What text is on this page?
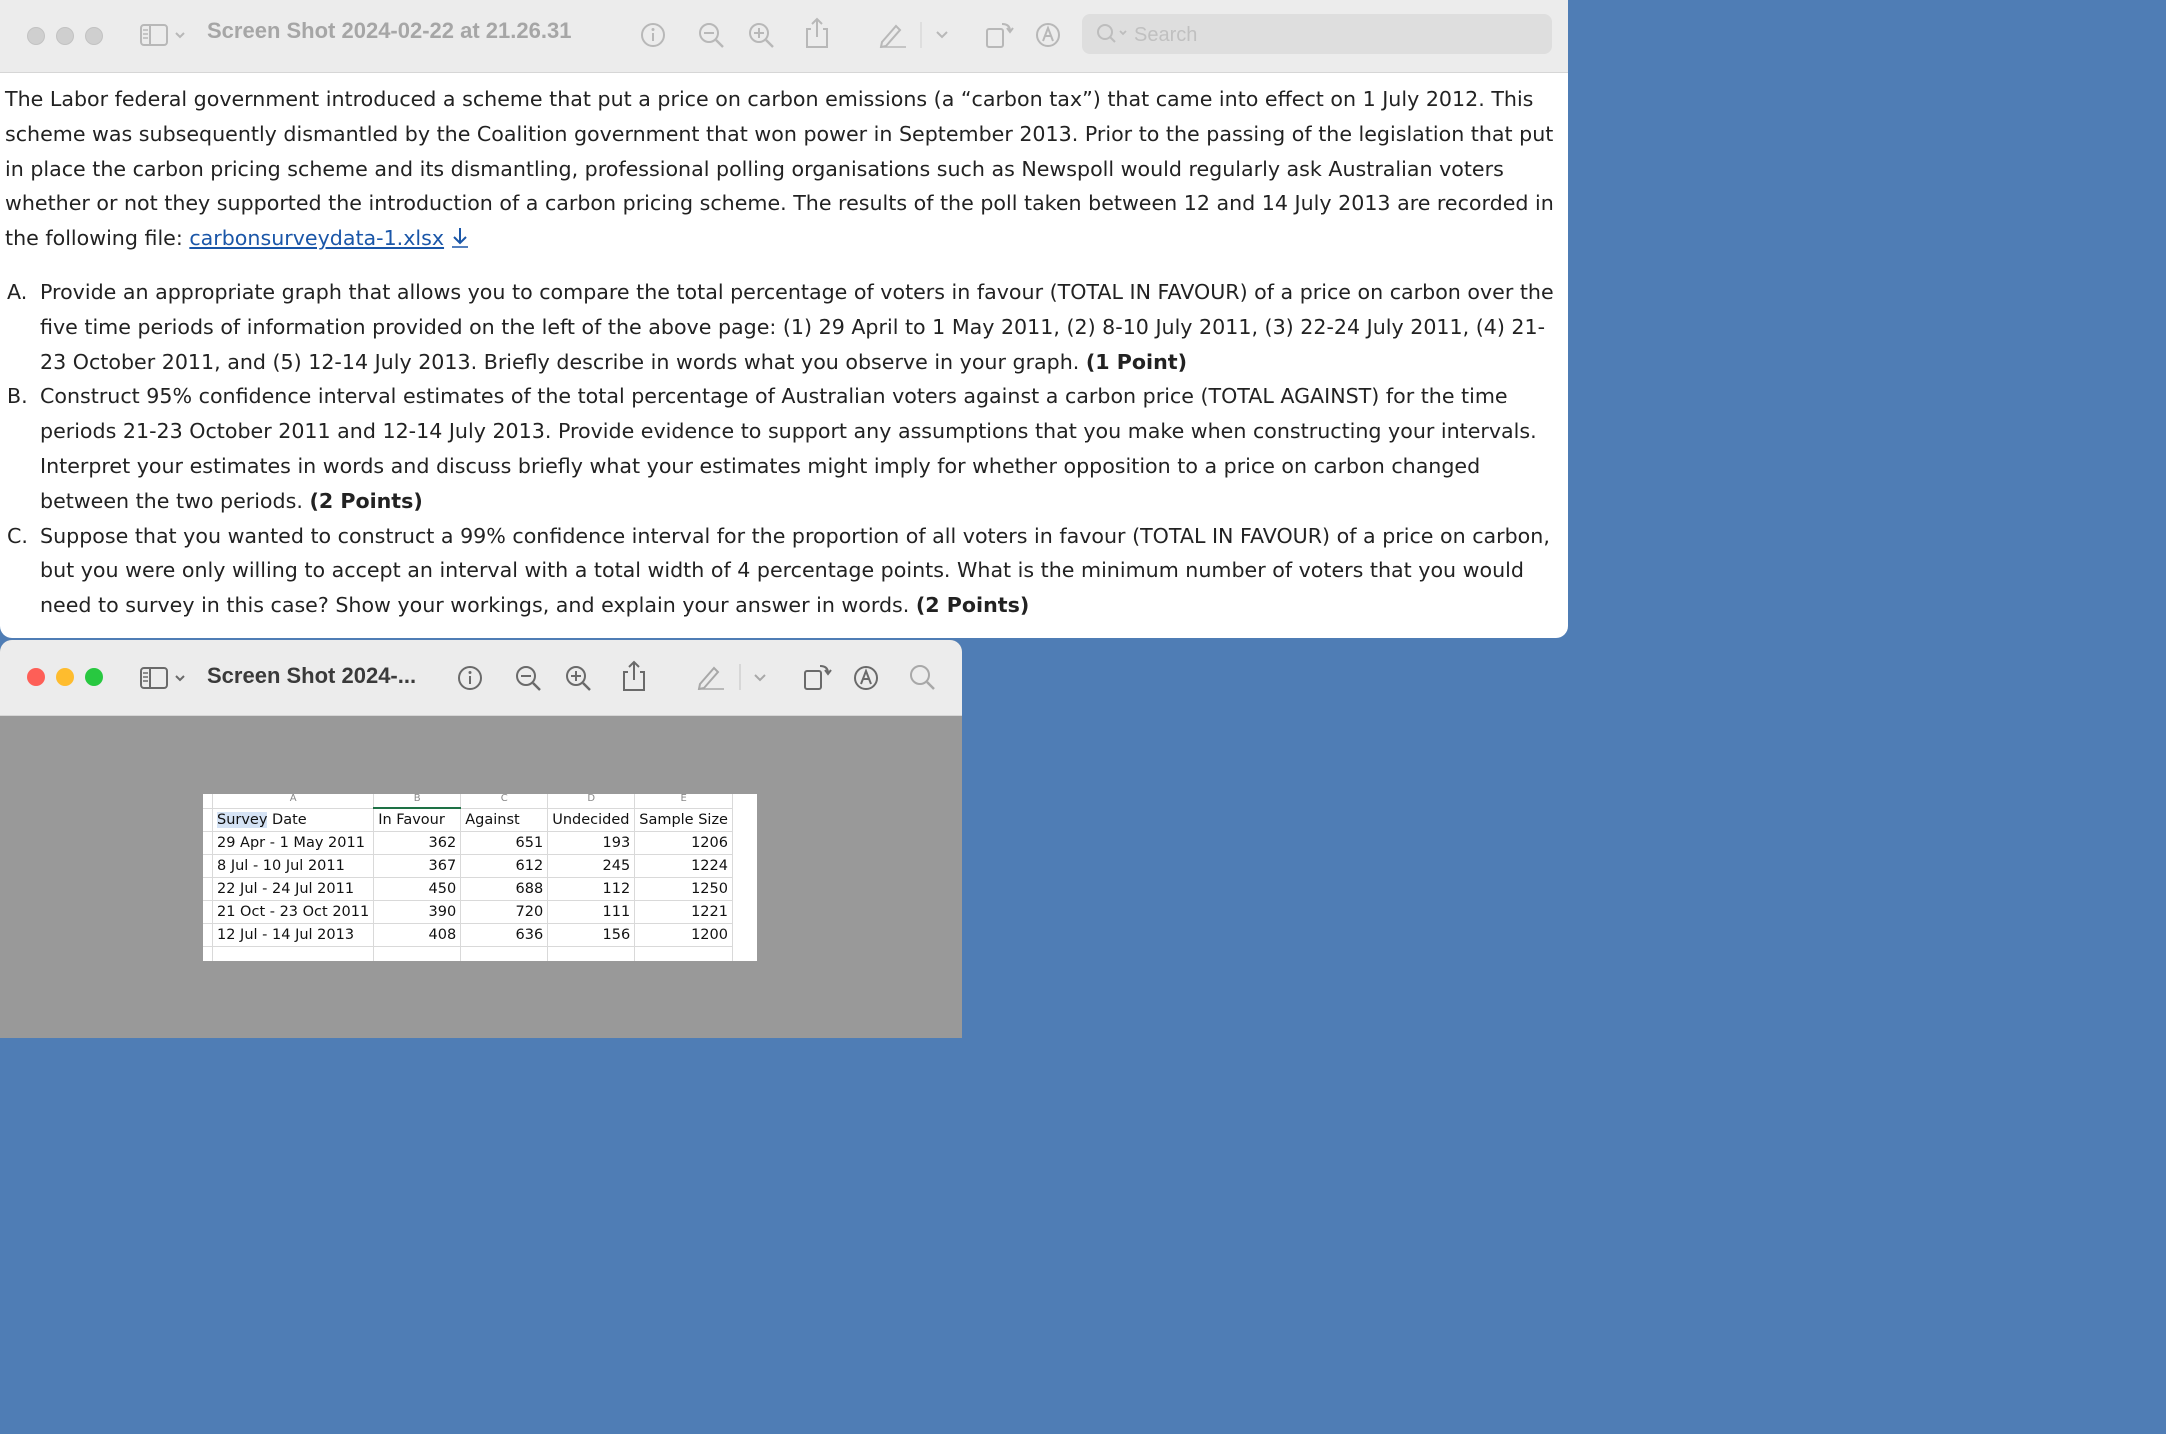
Screen Shot 2024-02-22 at 21.26.31
Search

The Labor federal government introduced a scheme that put a price on carbon emissions (a “carbon tax”) that came into effect on 1 July 2012. This scheme was subsequently dismantled by the Coalition government that won power in September 2013. Prior to the passing of the legislation that put in place the carbon pricing scheme and its dismantling, professional polling organisations such as Newspoll would regularly ask Australian voters whether or not they supported the introduction of a carbon pricing scheme. The results of the poll taken between 12 and 14 July 2013 are recorded in the following file: carbonsurveydata-1.xlsx

A. Provide an appropriate graph that allows you to compare the total percentage of voters in favour (TOTAL IN FAVOUR) of a price on carbon over the five time periods of information provided on the left of the above page: (1) 29 April to 1 May 2011, (2) 8-10 July 2011, (3) 22-24 July 2011, (4) 21-23 October 2011, and (5) 12-14 July 2013. Briefly describe in words what you observe in your graph. (1 Point)
B. Construct 95% confidence interval estimates of the total percentage of Australian voters against a carbon price (TOTAL AGAINST) for the time periods 21-23 October 2011 and 12-14 July 2013. Provide evidence to support any assumptions that you make when constructing your intervals. Interpret your estimates in words and discuss briefly what your estimates might imply for whether opposition to a price on carbon changed between the two periods. (2 Points)
C. Suppose that you wanted to construct a 99% confidence interval for the proportion of all voters in favour (TOTAL IN FAVOUR) of a price on carbon, but you were only willing to accept an interval with a total width of 4 percentage points. What is the minimum number of voters that you would need to survey in this case? Show your workings, and explain your answer in words. (2 Points)
Screen Shot 2024-...
	A	B	C	D	E
	Survey Date	In Favour	Against	Undecided	Sample Size
	29 Apr - 1 May 2011	362	651	193	1206
	8 Jul - 10 Jul 2011	367	612	245	1224
	22 Jul - 24 Jul 2011	450	688	112	1250
	21 Oct - 23 Oct 2011	390	720	111	1221
	12 Jul - 14 Jul 2013	408	636	156	1200
